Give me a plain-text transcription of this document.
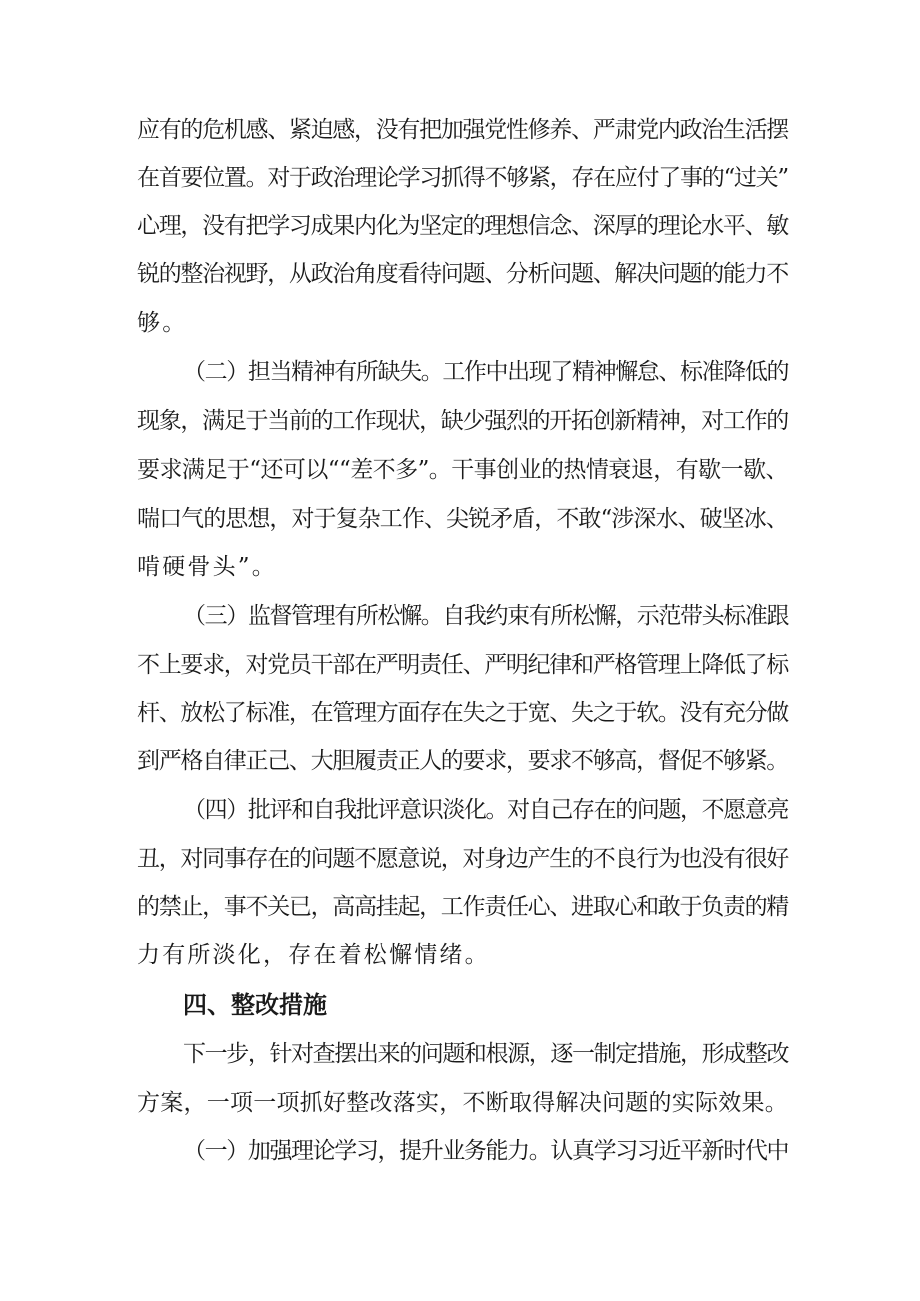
应有的危机感、紧迫感，没有把加强党性修养、严肃党内政治生活摆
在首要位置。对于政治理论学习抓得不够紧，存在应付了事的“过关”
心理，没有把学习成果内化为坚定的理想信念、深厚的理论水平、敏
锐的整治视野，从政治角度看待问题、分析问题、解决问题的能力不
够。
（二）担当精神有所缺失。工作中出现了精神懈怠、标准降低的
现象，满足于当前的工作现状，缺少强烈的开拓创新精神，对工作的
要求满足于“还可以““差不多”。干事创业的热情衰退，有歇一歇、
喘口气的思想，对于复杂工作、尖锐矛盾，不敢“涉深水、破坚冰、
啃硬骨头”。
（三）监督管理有所松懈。自我约束有所松懈，示范带头标准跟
不上要求，对党员干部在严明责任、严明纪律和严格管理上降低了标
杆、放松了标准，在管理方面存在失之于宽、失之于软。没有充分做
到严格自律正己、大胆履责正人的要求，要求不够高，督促不够紧。
（四）批评和自我批评意识淡化。对自己存在的问题，不愿意亮
丑，对同事存在的问题不愿意说，对身边产生的不良行为也没有很好
的禁止，事不关已，高高挂起，工作责任心、进取心和敢于负责的精
力有所淡化，存在着松懈情绪。
四、整改措施
下一步，针对查摆出来的问题和根源，逐一制定措施，形成整改
方案，一项一项抓好整改落实，不断取得解决问题的实际效果。
（一）加强理论学习，提升业务能力。认真学习习近平新时代中
